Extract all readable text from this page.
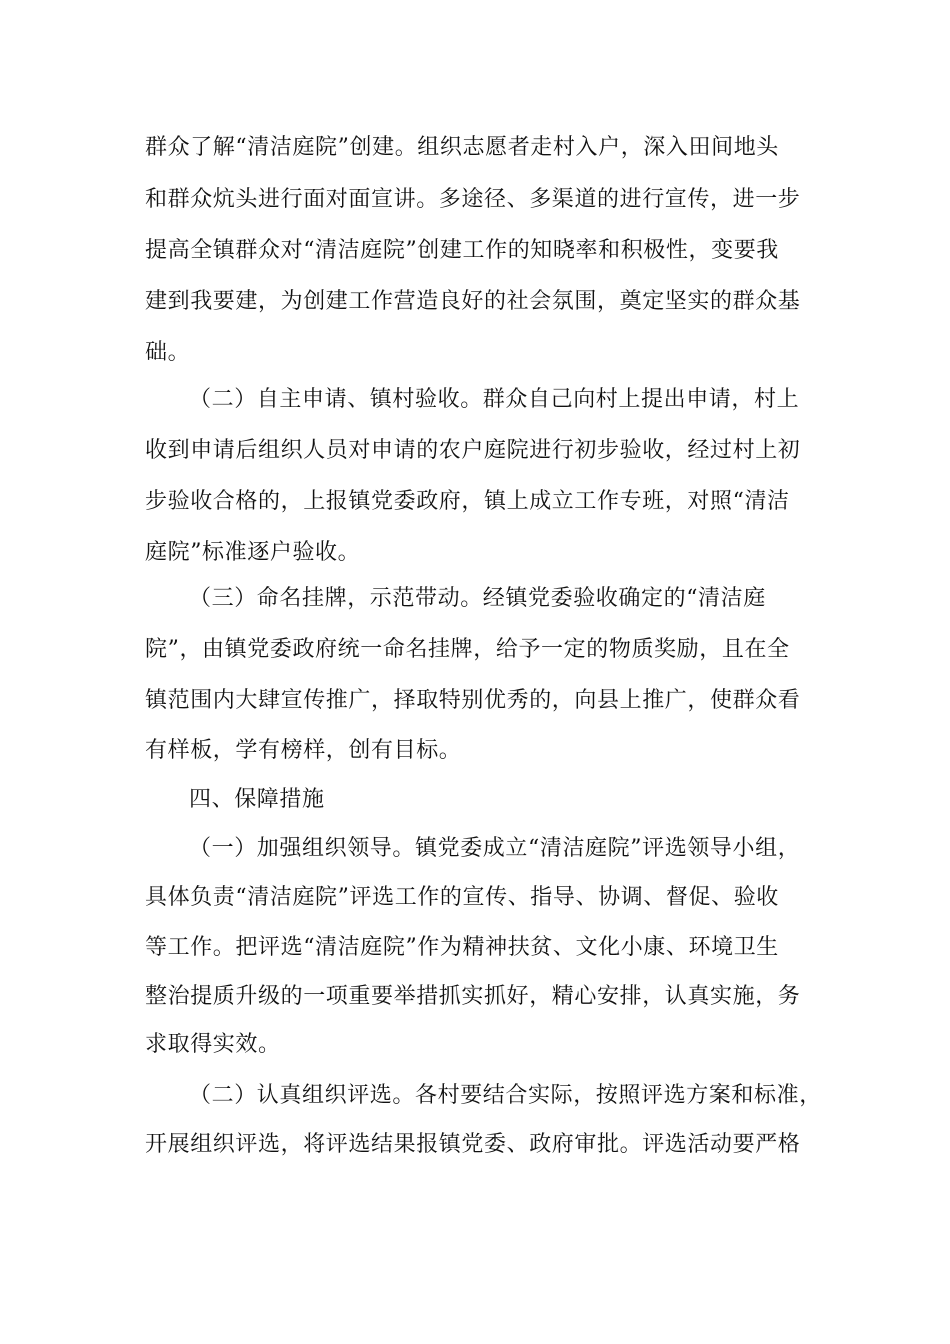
群众了解“清洁庭院”创建。组织志愿者走村入户，深入田间地头
和群众炕头进行面对面宣讲。多途径、多渠道的进行宣传，进一步
提高全镇群众对“清洁庭院”创建工作的知晓率和积极性，变要我
建到我要建，为创建工作营造良好的社会氛围，奠定坚实的群众基
础。
（二）自主申请、镇村验收。群众自己向村上提出申请，村上
收到申请后组织人员对申请的农户庭院进行初步验收，经过村上初
步验收合格的，上报镇党委政府，镇上成立工作专班，对照“清洁
庭院”标准逐户验收。
（三）命名挂牌，示范带动。经镇党委验收确定的“清洁庭
院”，由镇党委政府统一命名挂牌，给予一定的物质奖励，且在全
镇范围内大肆宣传推广，择取特别优秀的，向县上推广，使群众看
有样板，学有榜样，创有目标。
四、保障措施
（一）加强组织领导。镇党委成立“清洁庭院”评选领导小组，
具体负责“清洁庭院”评选工作的宣传、指导、协调、督促、验收
等工作。把评选“清洁庭院”作为精神扶贫、文化小康、环境卫生
整治提质升级的一项重要举措抓实抓好，精心安排，认真实施，务
求取得实效。
（二）认真组织评选。各村要结合实际，按照评选方案和标准，
开展组织评选，将评选结果报镇党委、政府审批。评选活动要严格
